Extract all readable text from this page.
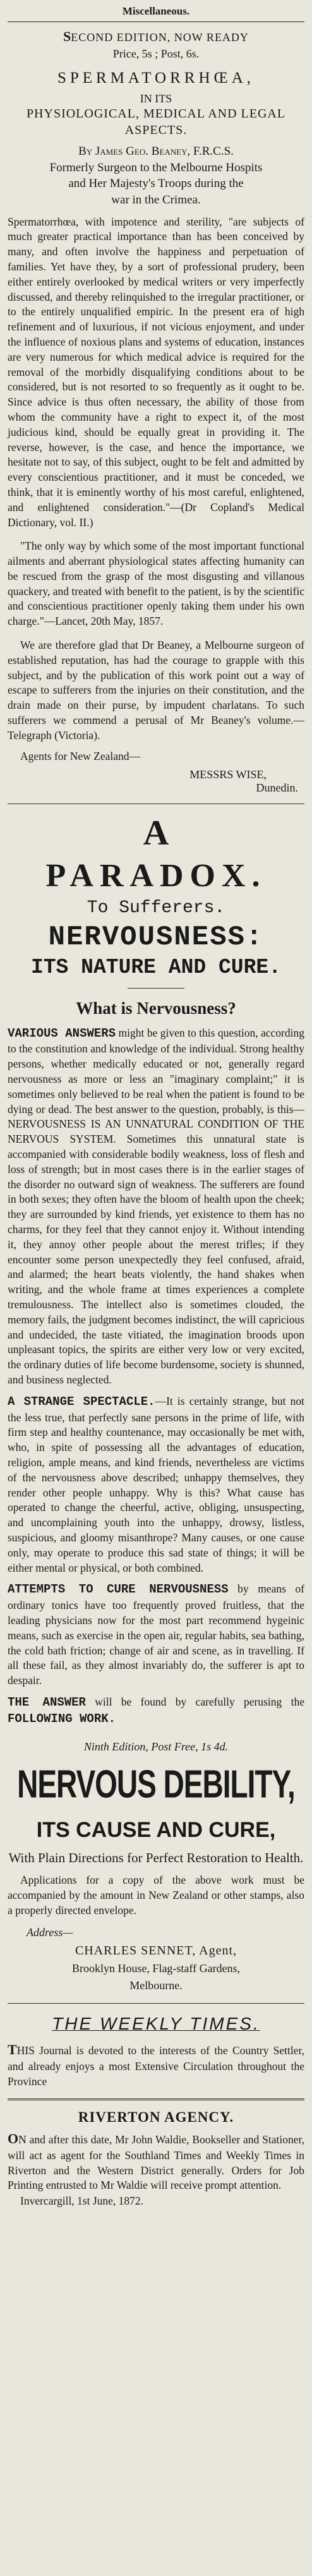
Miscellaneous.

SECOND EDITION, NOW READY

Price, 5s ; Post, 6s.

SPERMATORRHŒA,

IN ITS

PHYSIOLOGICAL, MEDICAL AND LEGAL

ASPECTS.

By James Geo. Beaney, F.R.C.S.

Formerly Surgeon to the Melbourne Hospits

and Her Majesty's Troops during the

war in the Crimea.

Spermatorrhœa, with impotence and sterility, "are subjects of much greater practical importance than has been conceived by many, and often involve the happiness and perpetuation of families. Yet have they, by a sort of professional prudery, been either entirely overlooked by medical writers or very imperfectly discussed, and thereby relinquished to the irregular practitioner, or to the entirely unqualified empiric. In the present era of high refinement and of luxurious, if not vicious enjoyment, and under the influence of noxious plans and systems of education, instances are very numerous for which medical advice is required for the removal of the morbidly disqualifying conditions about to be considered, but is not resorted to so frequently as it ought to be. Since advice is thus often necessary, the ability of those from whom the community have a right to expect it, of the most judicious kind, should be equally great in providing it. The reverse, however, is the case, and hence the importance, we hesitate not to say, of this subject, ought to be felt and admitted by every conscientious practitioner, and it must be conceded, we think, that it is eminently worthy of his most careful, enlightened, and enlightened consideration."—(Dr Copland's Medical Dictionary, vol. II.)

"The only way by which some of the most important functional ailments and aberrant physiological states affecting humanity can be rescued from the grasp of the most disgusting and villanous quackery, and treated with benefit to the patient, is by the scientific and conscientious practitioner openly taking them under his own charge."—Lancet, 20th May, 1857.

We are therefore glad that Dr Beaney, a Melbourne surgeon of established reputation, has had the courage to grapple with this subject, and by the publication of this work point out a way of escape to sufferers from the injuries on their constitution, and the drain made on their purse, by impudent charlatans. To such sufferers we commend a perusal of Mr Beaney's volume.—Telegraph (Victoria).

Agents for New Zealand—

MESSRS WISE,

Dunedin.

A

PARADOX.

To Sufferers.

NERVOUSNESS:

ITS NATURE AND CURE.

What is Nervousness?

VARIOUS ANSWERS might be given to this question, according to the constitution and knowledge of the individual. Strong healthy persons, whether medically educated or not, generally regard nervousness as more or less an "imaginary complaint;" it is sometimes only believed to be real when the patient is found to be dying or dead. The best answer to the question, probably, is this—NERVOUSNESS IS AN UNNATURAL CONDITION OF THE NERVOUS SYSTEM. Sometimes this unnatural state is accompanied with considerable bodily weakness, loss of flesh and loss of strength; but in most cases there is in the earlier stages of the disorder no outward sign of weakness. The sufferers are found in both sexes; they often have the bloom of health upon the cheek; they are surrounded by kind friends, yet existence to them has no charms, for they feel that they cannot enjoy it. Without intending it, they annoy other people about the merest trifles; if they encounter some person unexpectedly they feel confused, afraid, and alarmed; the heart beats violently, the hand shakes when writing, and the whole frame at times experiences a complete tremulousness. The intellect also is sometimes clouded, the memory fails, the judgment becomes indistinct, the will capricious and undecided, the taste vitiated, the imagination broods upon unpleasant topics, the spirits are either very low or very excited, the ordinary duties of life become burdensome, society is shunned, and business neglected.

A STRANGE SPECTACLE.—It is certainly strange, but not the less true, that perfectly sane persons in the prime of life, with firm step and healthy countenance, may occasionally be met with, who, in spite of possessing all the advantages of education, religion, ample means, and kind friends, nevertheless are victims of the nervousness above described; unhappy themselves, they render other people unhappy. Why is this? What cause has operated to change the cheerful, active, obliging, unsuspecting, and uncomplaining youth into the unhappy, drowsy, listless, suspicious, and gloomy misanthrope? Many causes, or one cause only, may operate to produce this sad state of things; it will be either mental or physical, or both combined.

ATTEMPTS TO CURE NERVOUSNESS by means of ordinary tonics have too frequently proved fruitless, that the leading physicians now for the most part recommend hygeinic means, such as exercise in the open air, regular habits, sea bathing, the cold bath friction; change of air and scene, as in travelling. If all these fail, as they almost invariably do, the sufferer is apt to despair.

THE ANSWER will be found by carefully perusing the FOLLOWING WORK.

Ninth Edition, Post Free, 1s 4d.

NERVOUS DEBILITY,

ITS CAUSE AND CURE,

With Plain Directions for Perfect Restoration to Health.

Applications for a copy of the above work must be accompanied by the amount in New Zealand or other stamps, also a properly directed envelope.

Address—

CHARLES SENNET, Agent,

Brooklyn House, Flag-staff Gardens,

Melbourne.

THE WEEKLY TIMES.

THIS Journal is devoted to the interests of the Country Settler, and already enjoys a most Extensive Circulation throughout the Province

RIVERTON AGENCY.

ON and after this date, Mr John Waldie, Bookseller and Stationer, will act as agent for the Southland Times and Weekly Times in Riverton and the Western District generally. Orders for Job Printing entrusted to Mr Waldie will receive prompt attention.

Invercargill, 1st June, 1872.
